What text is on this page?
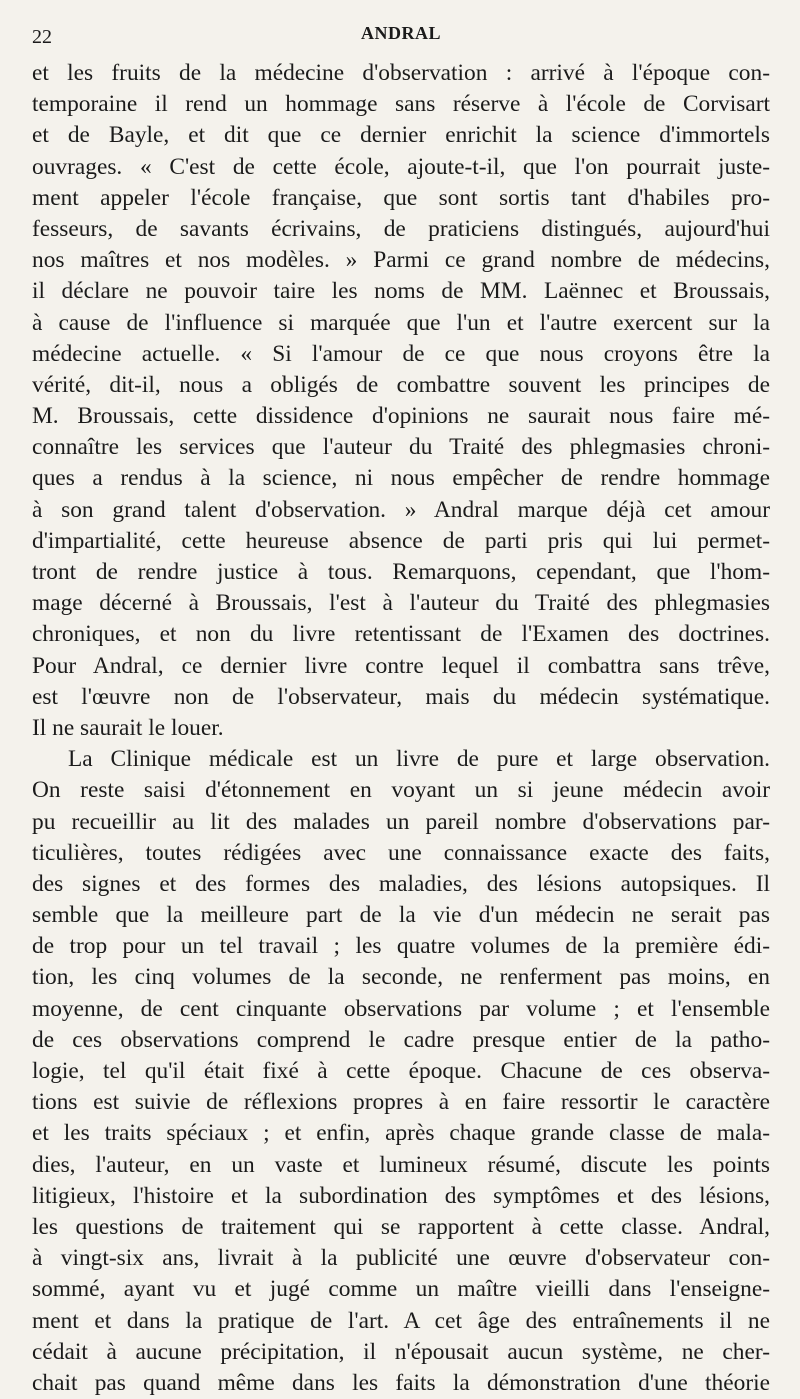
22	ANDRAL
et les fruits de la médecine d'observation : arrivé à l'époque con-
temporaine il rend un hommage sans réserve à l'école de Corvisart
et de Bayle, et dit que ce dernier enrichit la science d'immortels
ouvrages. « C'est de cette école, ajoute-t-il, que l'on pourrait juste-
ment appeler l'école française, que sont sortis tant d'habiles pro-
fesseurs, de savants écrivains, de praticiens distingués, aujourd'hui
nos maîtres et nos modèles. » Parmi ce grand nombre de médecins,
il déclare ne pouvoir taire les noms de MM. Laënnec et Broussais,
à cause de l'influence si marquée que l'un et l'autre exercent sur la
médecine actuelle. « Si l'amour de ce que nous croyons être la
vérité, dit-il, nous a obligés de combattre souvent les principes de
M. Broussais, cette dissidence d'opinions ne saurait nous faire mé-
connaître les services que l'auteur du Traité des phlegmasies chroni-
ques a rendus à la science, ni nous empêcher de rendre hommage
à son grand talent d'observation. » Andral marque déjà cet amour
d'impartialité, cette heureuse absence de parti pris qui lui permet-
tront de rendre justice à tous. Remarquons, cependant, que l'hom-
mage décerné à Broussais, l'est à l'auteur du Traité des phlegmasies
chroniques, et non du livre retentissant de l'Examen des doctrines.
Pour Andral, ce dernier livre contre lequel il combattra sans trêve,
est l'œuvre non de l'observateur, mais du médecin systématique.
Il ne saurait le louer.
La Clinique médicale est un livre de pure et large observation.
On reste saisi d'étonnement en voyant un si jeune médecin avoir
pu recueillir au lit des malades un pareil nombre d'observations par-
ticulières, toutes rédigées avec une connaissance exacte des faits,
des signes et des formes des maladies, des lésions autopsiques. Il
semble que la meilleure part de la vie d'un médecin ne serait pas
de trop pour un tel travail ; les quatre volumes de la première édi-
tion, les cinq volumes de la seconde, ne renferment pas moins, en
moyenne, de cent cinquante observations par volume ; et l'ensemble
de ces observations comprend le cadre presque entier de la patho-
logie, tel qu'il était fixé à cette époque. Chacune de ces observa-
tions est suivie de réflexions propres à en faire ressortir le caractère
et les traits spéciaux ; et enfin, après chaque grande classe de mala-
dies, l'auteur, en un vaste et lumineux résumé, discute les points
litigieux, l'histoire et la subordination des symptômes et des lésions,
les questions de traitement qui se rapportent à cette classe. Andral,
à vingt-six ans, livrait à la publicité une œuvre d'observateur con-
sommé, ayant vu et jugé comme un maître vieilli dans l'enseigne-
ment et dans la pratique de l'art. A cet âge des entraînements il ne
cédait à aucune précipitation, il n'épousait aucun système, ne cher-
chait pas quand même dans les faits la démonstration d'une théorie
